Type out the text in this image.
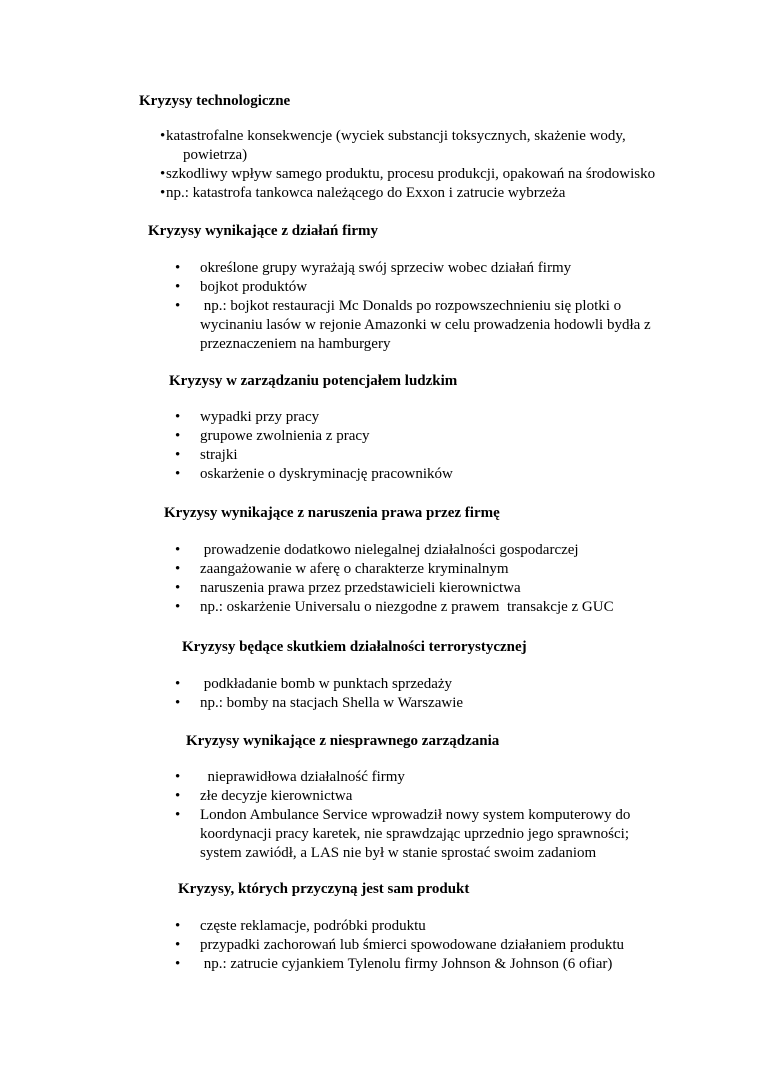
Kryzysy technologiczne
• katastrofalne konsekwencje (wyciek substancji toksycznych, skażenie wody,
powietrza)
• szkodliwy wpływ samego produktu, procesu produkcji, opakowań na środowisko
• np.: katastrofa tankowca należącego do Exxon i zatrucie wybrzeża
Kryzysy wynikające z działań firmy
• określone grupy wyrażają swój sprzeciw wobec działań firmy
• bojkot produktów
• np.: bojkot restauracji Mc Donalds po rozpowszechnieniu się plotki o wycinaniu lasów w rejonie Amazonki w celu prowadzenia hodowli bydła z przeznaczeniem na hamburgery
Kryzysy w zarządzaniu potencjałem ludzkim
• wypadki przy pracy
• grupowe zwolnienia z pracy
• strajki
• oskarżenie o dyskryminację pracowników
Kryzysy wynikające z naruszenia prawa przez firmę
• prowadzenie dodatkowo nielegalnej działalności gospodarczej
• zaangażowanie w aferę o charakterze kryminalnym
• naruszenia prawa przez przedstawicieli kierownictwa
• np.: oskarżenie Universalu o niezgodne z prawem  transakcje z GUC
Kryzysy będące skutkiem działalności terrorystycznej
• podkładanie bomb w punktach sprzedaży
• np.: bomby na stacjach Shella w Warszawie
Kryzysy wynikające z niesprawnego zarządzania
• nieprawidłowa działalność firmy
• złe decyzje kierownictwa
• London Ambulance Service wprowadził nowy system komputerowy do koordynacji pracy karetek, nie sprawdzając uprzednio jego sprawności; system zawiódł, a LAS nie był w stanie sprostać swoim zadaniom
Kryzysy, których przyczyną jest sam produkt
• częste reklamacje, podróbki produktu
• przypadki zachorowań lub śmierci spowodowane działaniem produktu
• np.: zatrucie cyjankiem Tylenolu firmy Johnson & Johnson (6 ofiar)
